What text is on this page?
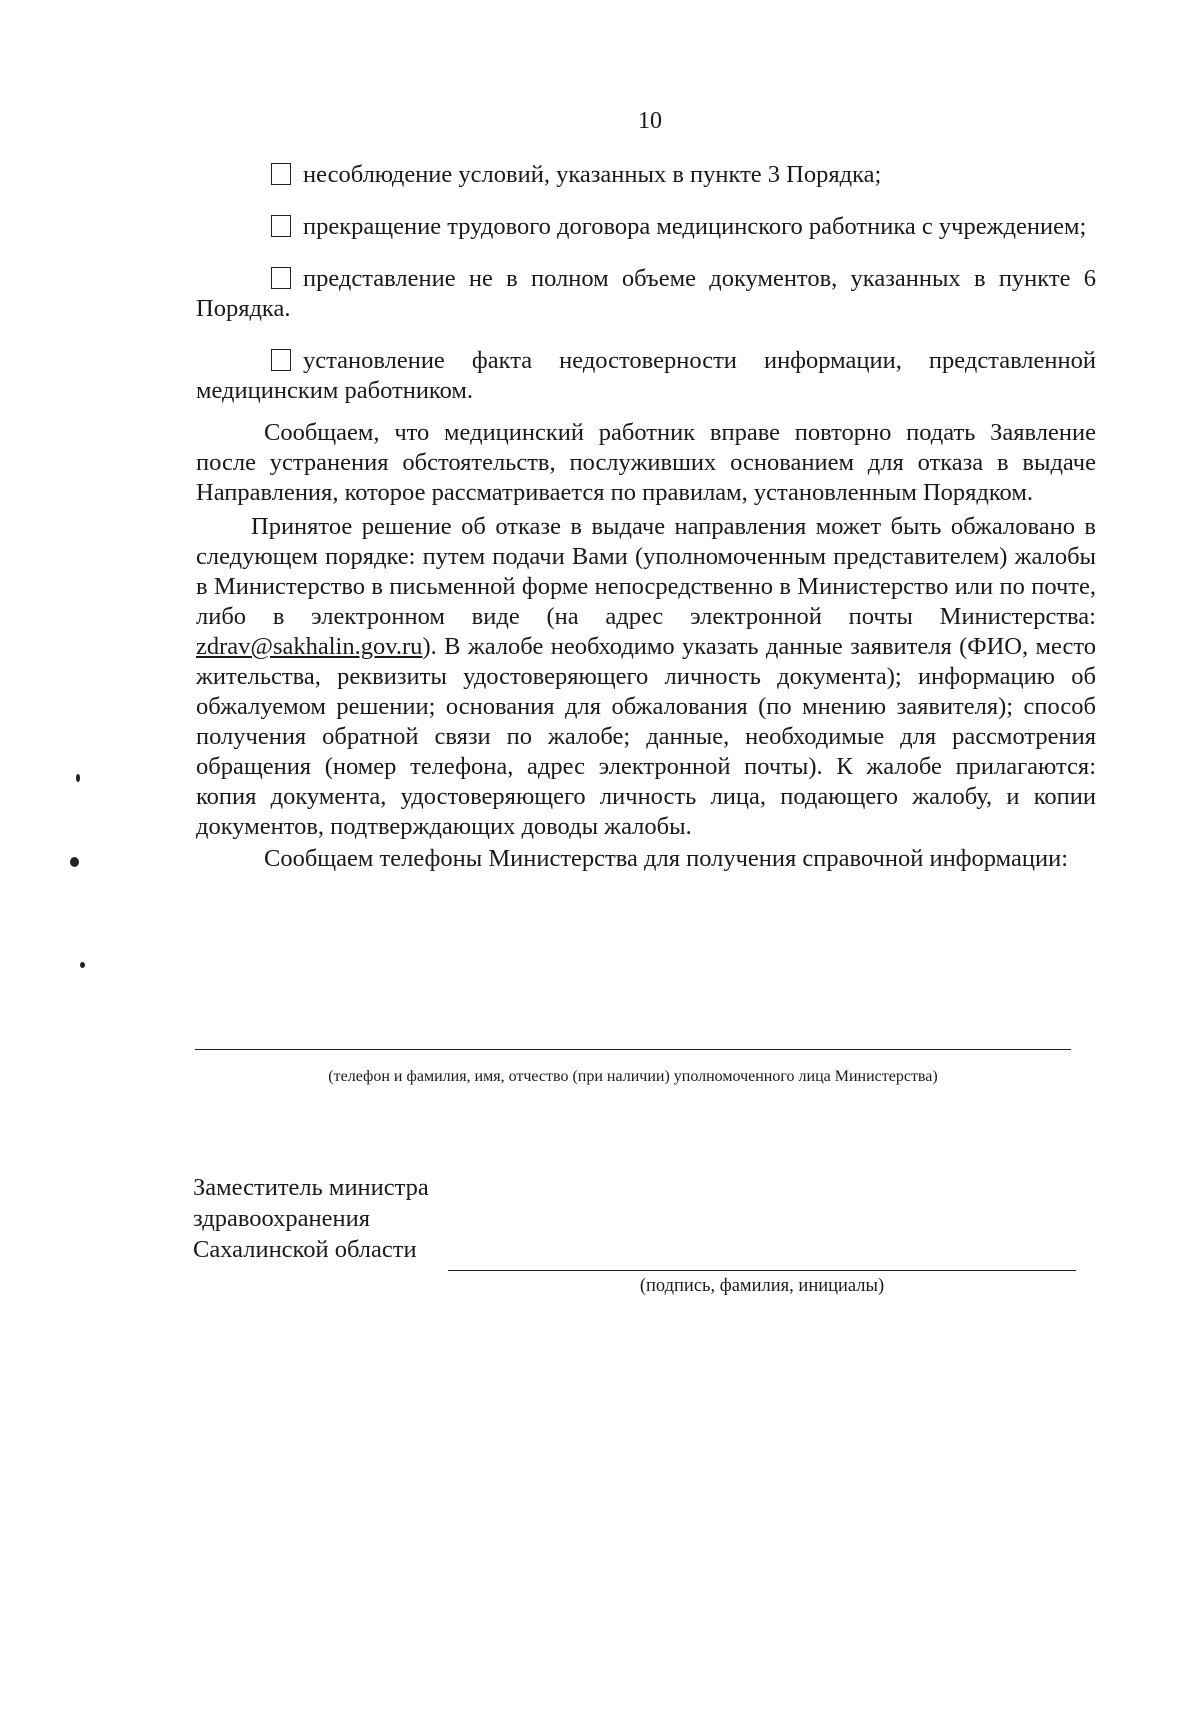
10

несоблюдение условий, указанных в пункте 3 Порядка;

прекращение трудового договора медицинского работника с учреждением;

представление не в полном объеме документов, указанных в пункте 6 Порядка.

установление факта недостоверности информации, представленной медицинским работником.

Сообщаем, что медицинский работник вправе повторно подать Заявление после устранения обстоятельств, послуживших основанием для отказа в выдаче Направления, которое рассматривается по правилам, установленным Порядком.

Принятое решение об отказе в выдаче направления может быть обжаловано в следующем порядке: путем подачи Вами (уполномоченным представителем) жалобы в Министерство в письменной форме непосредственно в Министерство или по почте, либо в электронном виде (на адрес электронной почты Министерства: zdrav@sakhalin.gov.ru). В жалобе необходимо указать данные заявителя (ФИО, место жительства, реквизиты удостоверяющего личность документа); информацию об обжалуемом решении; основания для обжалования (по мнению заявителя); способ получения обратной связи по жалобе; данные, необходимые для рассмотрения обращения (номер телефона, адрес электронной почты). К жалобе прилагаются: копия документа, удостоверяющего личность лица, подающего жалобу, и копии документов, подтверждающих доводы жалобы.

Сообщаем телефоны Министерства для получения справочной информации:

(телефон и фамилия, имя, отчество (при наличии) уполномоченного лица Министерства)
Заместитель министра
здравоохранения
Сахалинской области
(подпись, фамилия, инициалы)
